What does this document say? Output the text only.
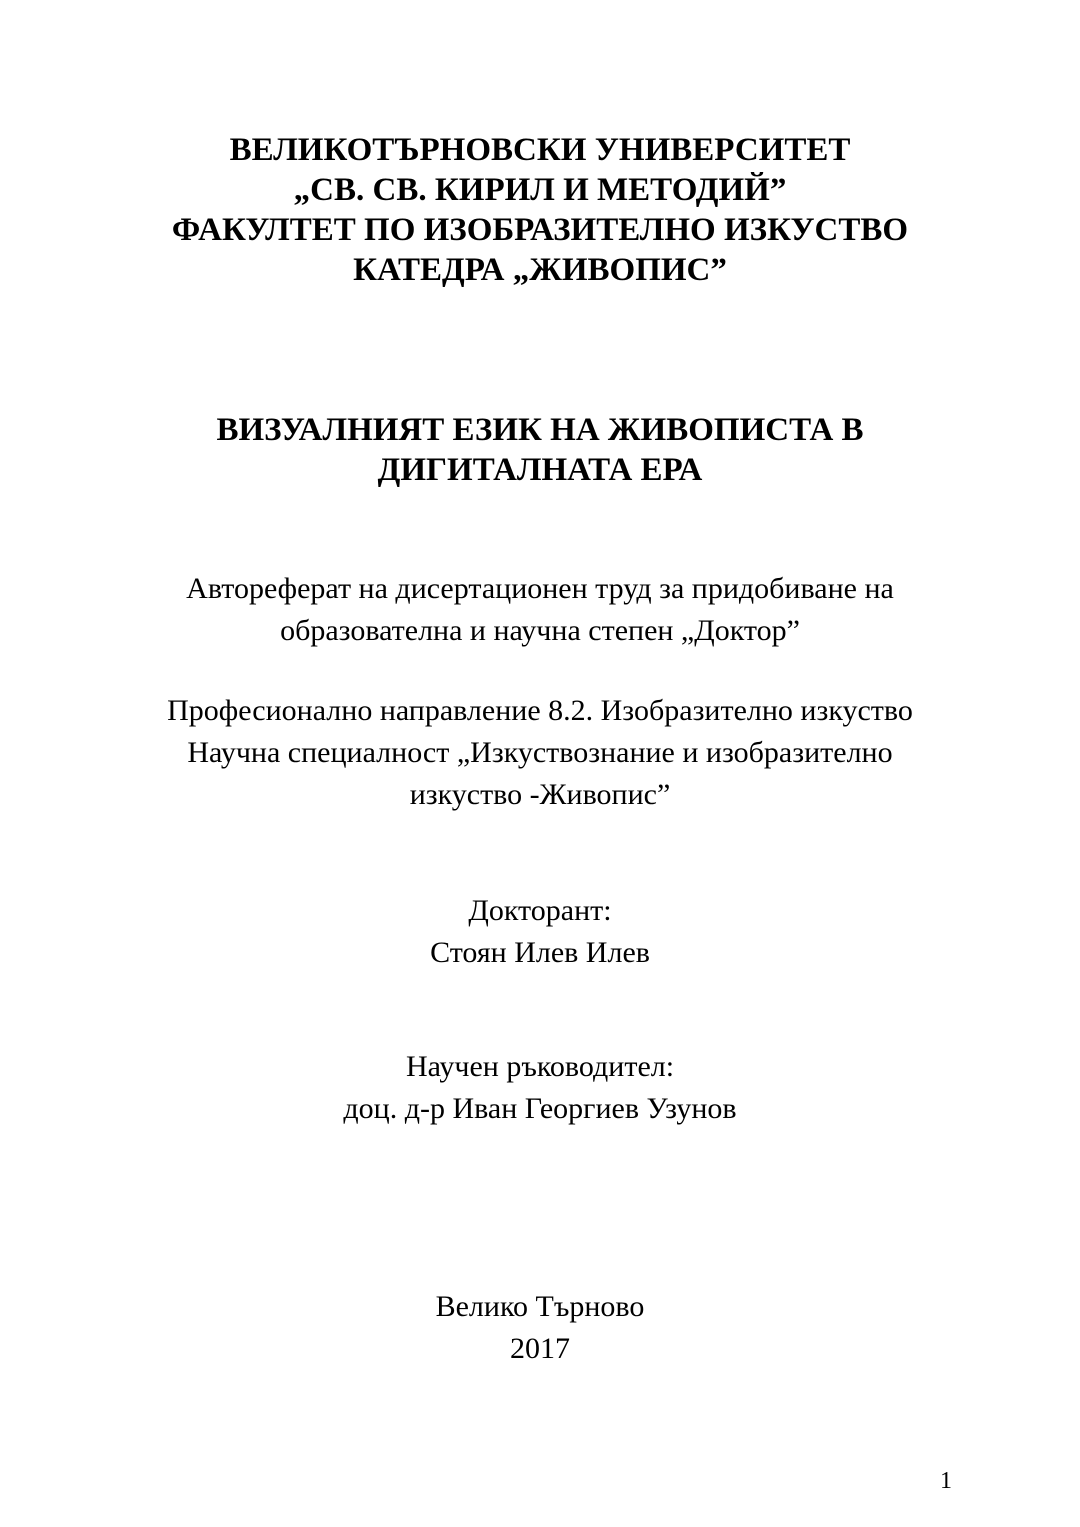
ВЕЛИКОТЪРНОВСКИ УНИВЕРСИТЕТ
„СВ. СВ. КИРИЛ И МЕТОДИЙ”
ФАКУЛТЕТ ПО ИЗОБРАЗИТЕЛНО ИЗКУСТВО
КАТЕДРА „ЖИВОПИС”
ВИЗУАЛНИЯТ ЕЗИК НА ЖИВОПИСТА В
ДИГИТАЛНАТА ЕРА
Автореферат на дисертационен труд за придобиване на
образователна и научна степен „Доктор”
Професионално направление 8.2. Изобразително изкуство
Научна специалност „Изкуствознание и изобразително
изкуство -Живопис”
Докторант:
Стоян Илев Илев
Научен ръководител:
доц. д-р Иван Георгиев Узунов
Велико Търново
2017
1
